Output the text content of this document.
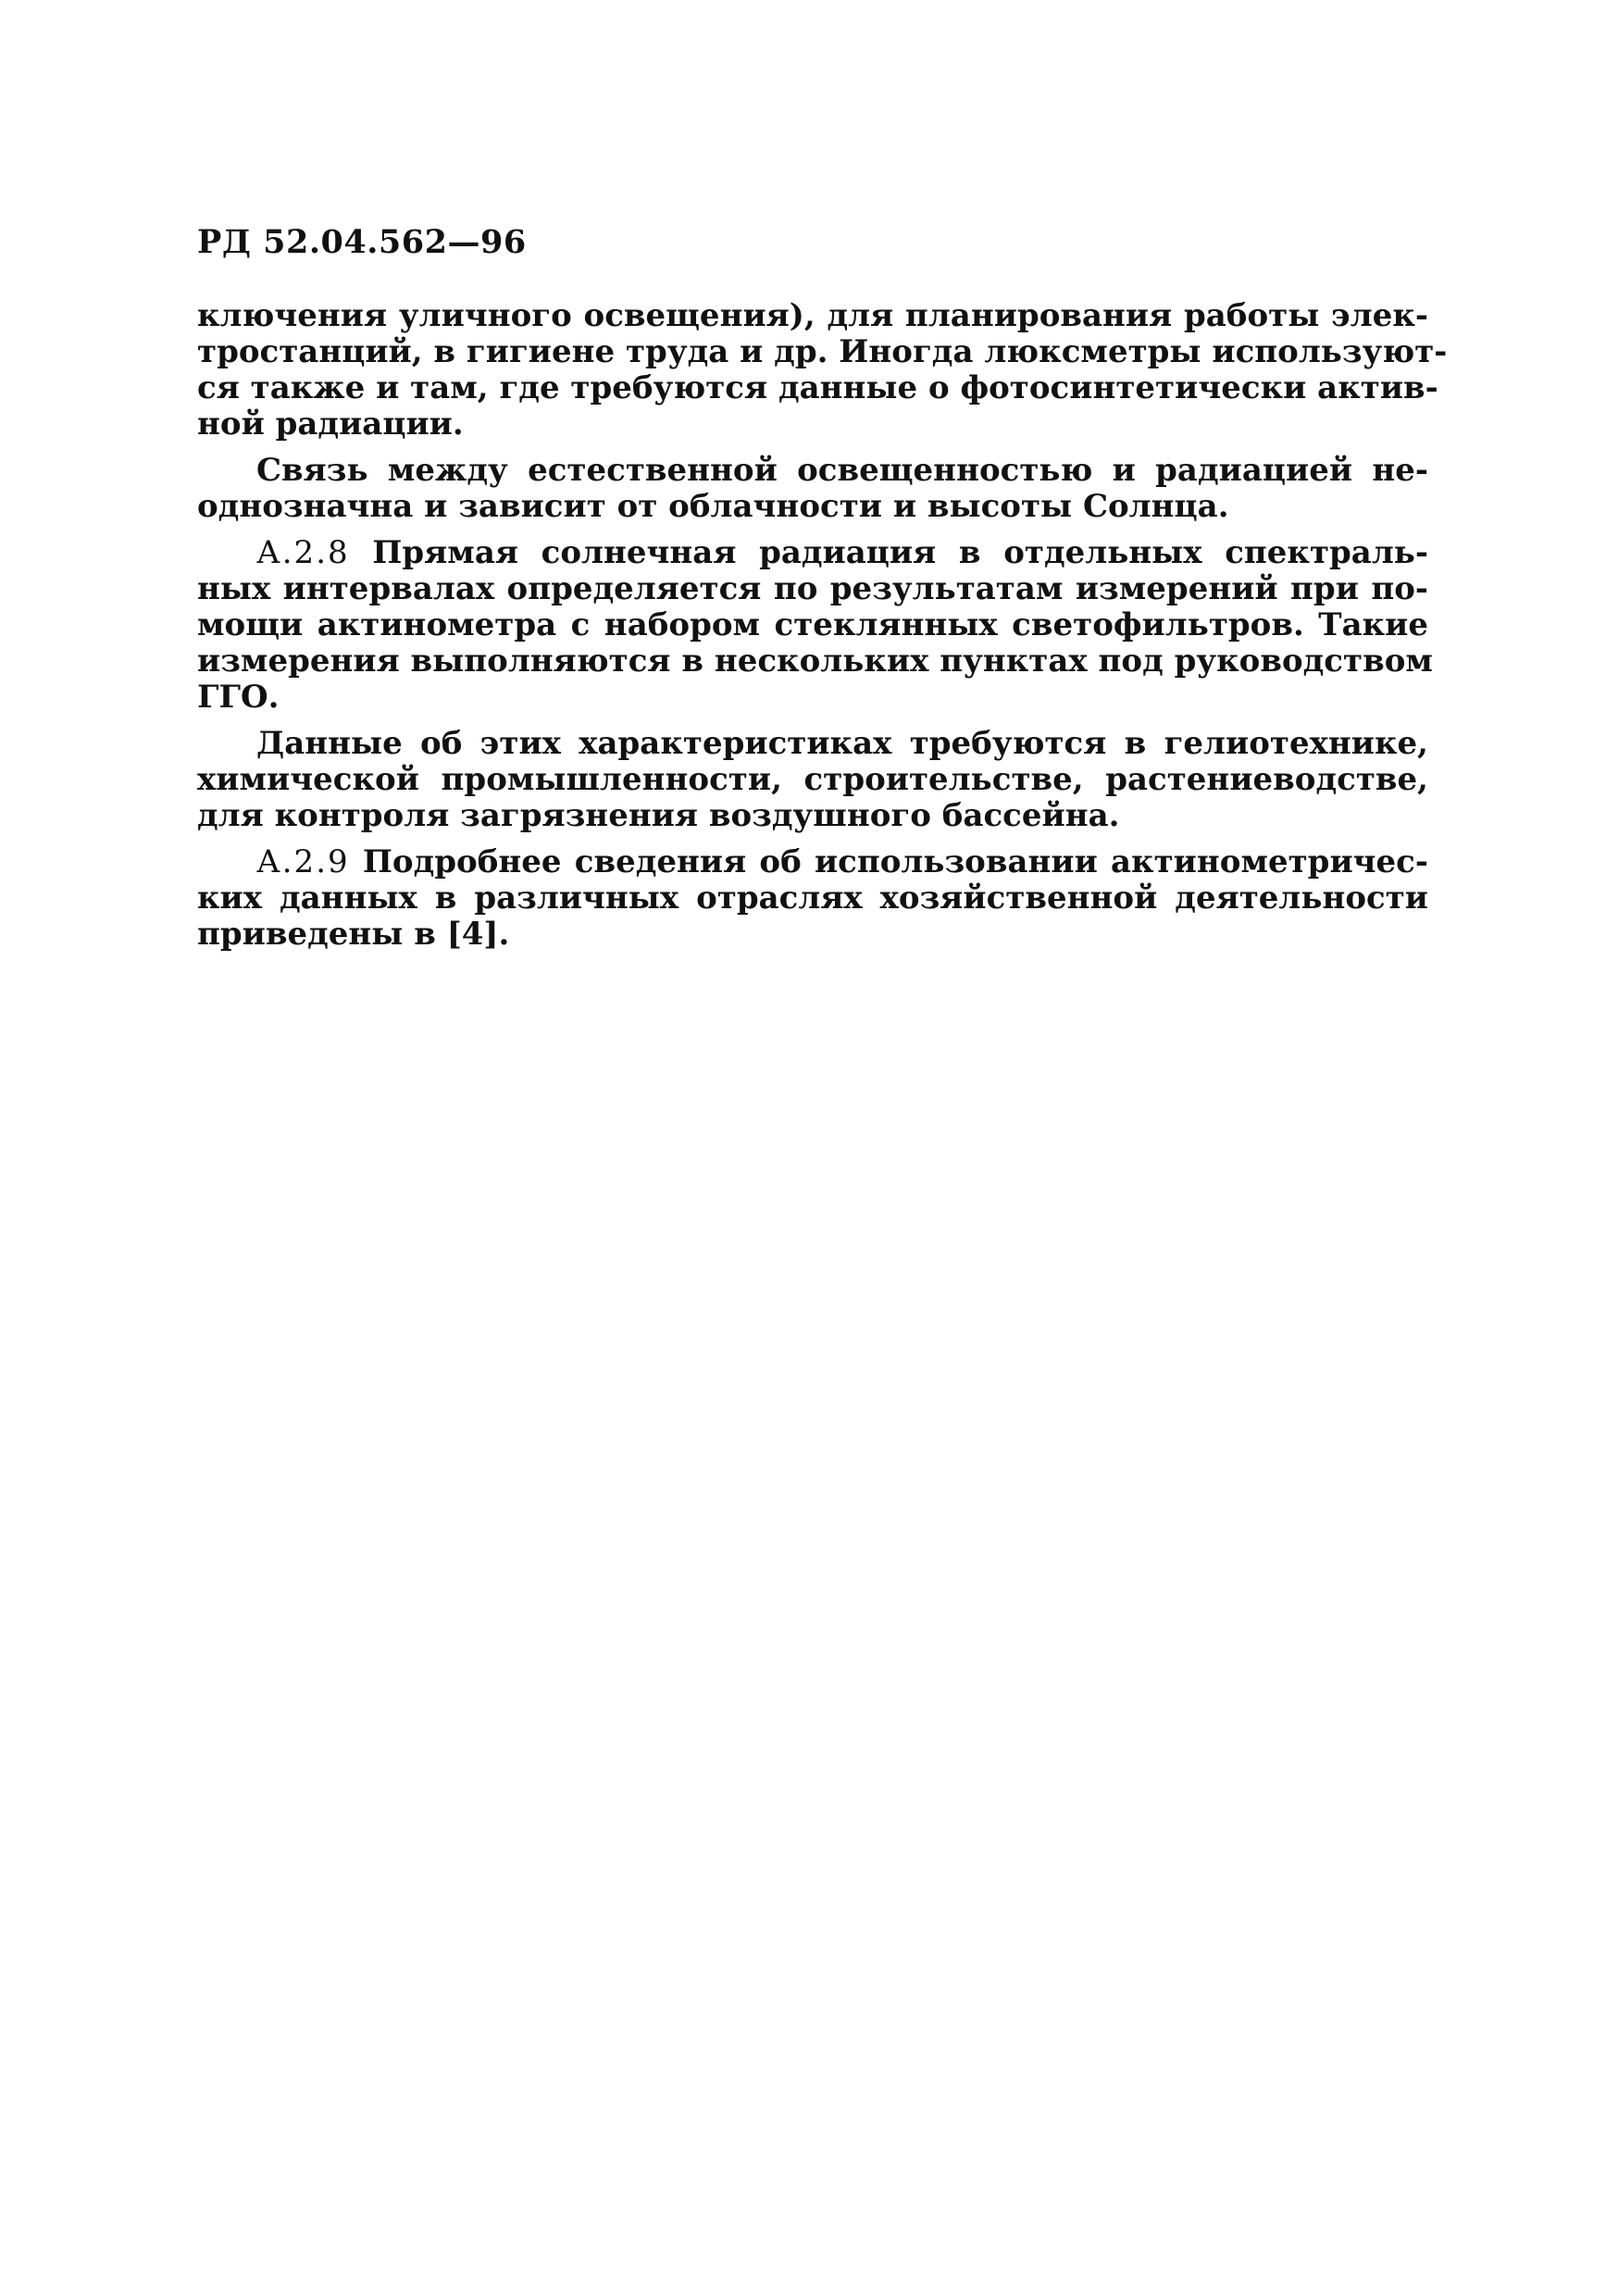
РД 52.04.562—96
ключения уличного освещения), для планирования работы элек-
тростанций, в гигиене труда и др. Иногда люксметры используют-
ся также и там, где требуются данные о фотосинтетически актив-
ной радиации.
Связь между естественной освещенностью и радиацией не-
однозначна и зависит от облачности и высоты Солнца.
А.2.8 Прямая солнечная радиация в отдельных спектраль-
ных интервалах определяется по результатам измерений при по-
мощи актинометра с набором стеклянных светофильтров. Такие
измерения выполняются в нескольких пунктах под руководством
ГГО.
Данные об этих характеристиках требуются в гелиотехнике,
химической промышленности, строительстве, растениеводстве,
для контроля загрязнения воздушного бассейна.
А.2.9 Подробнее сведения об использовании актинометричес-
ких данных в различных отраслях хозяйственной деятельности
приведены в [4].
